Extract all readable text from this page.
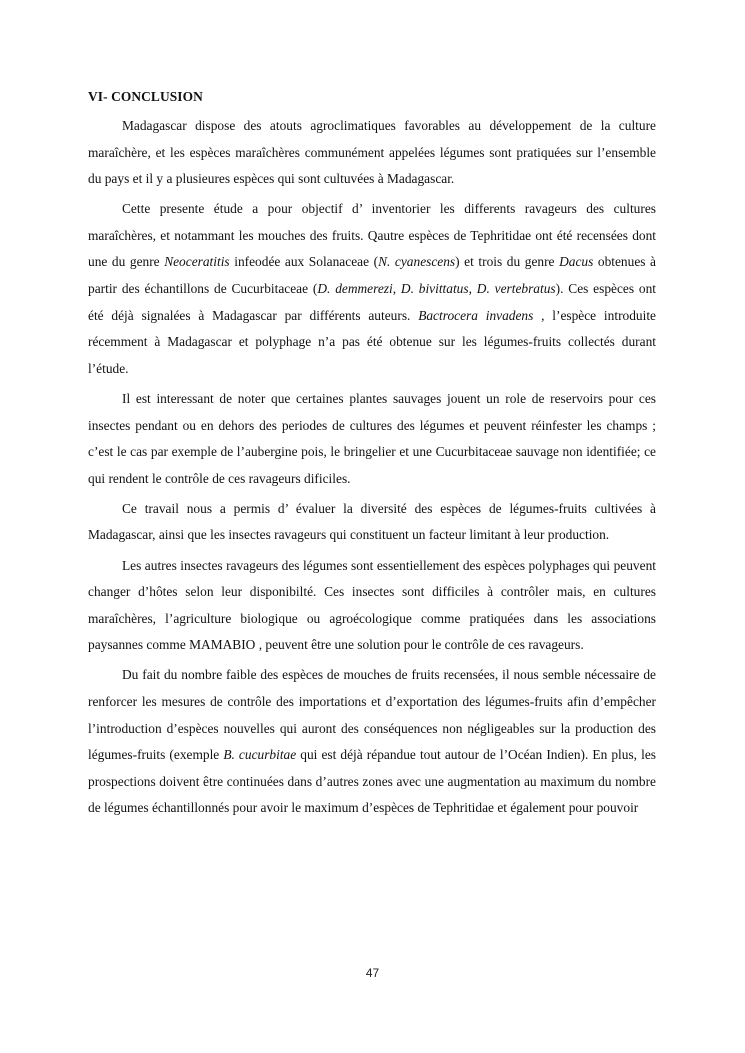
VI- CONCLUSION

Madagascar dispose des atouts agroclimatiques favorables au développement de la culture maraîchère, et les espèces maraîchères communément appelées légumes sont pratiquées sur l’ensemble du pays et il y a plusieures espèces qui sont cultuvées à Madagascar.

Cette presente étude a pour objectif d’ inventorier les differents ravageurs des cultures maraîchères, et notammant les mouches des fruits. Qautre espèces de Tephritidae ont été recensées dont une du genre Neoceratitis infeodée aux Solanaceae (N. cyanescens) et trois du genre Dacus obtenues à partir des échantillons de Cucurbitaceae (D. demmerezi, D. bivittatus, D. vertebratus). Ces espèces ont été déjà signalées à Madagascar par différents auteurs. Bactrocera invadens , l’espèce introduite récemment à Madagascar et polyphage n’a pas été obtenue sur les légumes-fruits collectés durant l’étude.

Il est interessant de noter que certaines plantes sauvages jouent un role de reservoirs pour ces insectes pendant ou en dehors des periodes de cultures des légumes et peuvent réinfester les champs ; c’est le cas par exemple de l’aubergine pois, le bringelier et une Cucurbitaceae sauvage non identifiée; ce qui rendent le contrôle de ces ravageurs dificiles.

Ce travail nous a permis d’ évaluer la diversité des espèces de légumes-fruits cultivées à Madagascar, ainsi que les insectes ravageurs qui constituent un facteur limitant à leur production.

Les autres insectes ravageurs des légumes sont essentiellement des espèces polyphages qui peuvent changer d’hôtes selon leur disponibilté. Ces insectes sont difficiles à contrôler mais, en cultures maraîchères, l’agriculture biologique ou agroécologique comme pratiquées dans les associations paysannes comme MAMABIO , peuvent être une solution pour le contrôle de ces ravageurs.

Du fait du nombre faible des espèces de mouches de fruits recensées, il nous semble nécessaire de renforcer les mesures de contrôle des importations et d’exportation des légumes-fruits afin d’empêcher l’introduction d’espèces nouvelles qui auront des conséquences non négligeables sur la production des légumes-fruits (exemple B. cucurbitae qui est déjà répandue tout autour de l’Océan Indien). En plus, les prospections doivent être continuées dans d’autres zones avec une augmentation au maximum du nombre de légumes échantillonnés pour avoir le maximum d’espèces de Tephritidae et également pour pouvoir

47
